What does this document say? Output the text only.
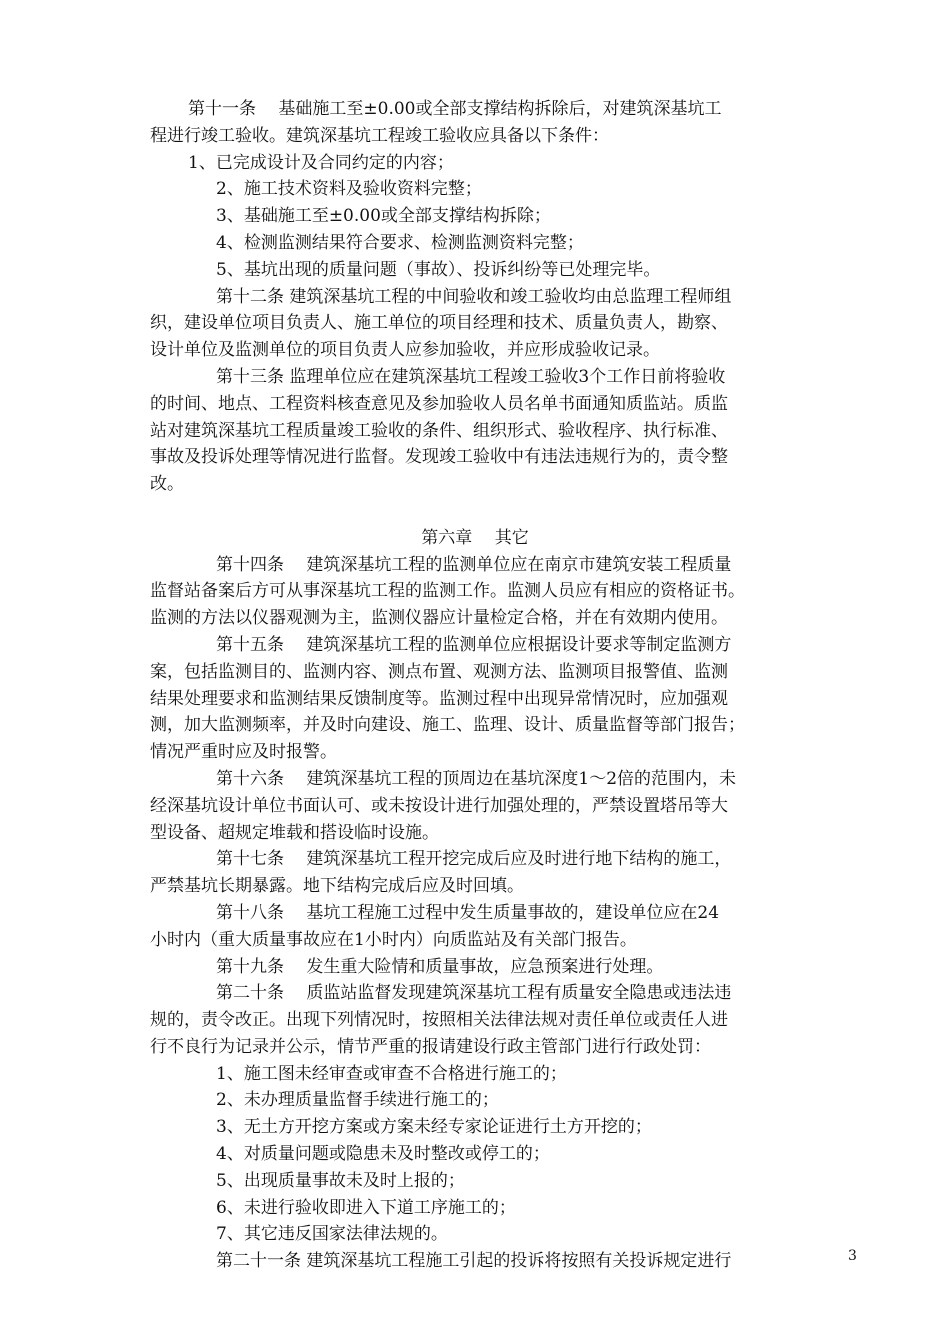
第十一条　 基础施工至±0.00或全部支撑结构拆除后，对建筑深基坑工
程进行竣工验收。建筑深基坑工程竣工验收应具备以下条件：
1、已完成设计及合同约定的内容；
2、施工技术资料及验收资料完整；
3、基础施工至±0.00或全部支撑结构拆除；
4、检测监测结果符合要求、检测监测资料完整；
5、基坑出现的质量问题（事故）、投诉纠纷等已处理完毕。
第十二条 建筑深基坑工程的中间验收和竣工验收均由总监理工程师组
织，建设单位项目负责人、施工单位的项目经理和技术、质量负责人，勘察、
设计单位及监测单位的项目负责人应参加验收，并应形成验收记录。
第十三条 监理单位应在建筑深基坑工程竣工验收3个工作日前将验收
的时间、地点、工程资料核查意见及参加验收人员名单书面通知质监站。质监
站对建筑深基坑工程质量竣工验收的条件、组织形式、验收程序、执行标准、
事故及投诉处理等情况进行监督。发现竣工验收中有违法违规行为的，责令整
改。
第六章　 其它
第十四条　 建筑深基坑工程的监测单位应在南京市建筑安装工程质量
监督站备案后方可从事深基坑工程的监测工作。监测人员应有相应的资格证书。
监测的方法以仪器观测为主，监测仪器应计量检定合格，并在有效期内使用。
第十五条　 建筑深基坑工程的监测单位应根据设计要求等制定监测方
案，包括监测目的、监测内容、测点布置、观测方法、监测项目报警值、监测
结果处理要求和监测结果反馈制度等。监测过程中出现异常情况时，应加强观
测，加大监测频率，并及时向建设、施工、监理、设计、质量监督等部门报告；
情况严重时应及时报警。
第十六条　 建筑深基坑工程的顶周边在基坑深度1～2倍的范围内，未
经深基坑设计单位书面认可、或未按设计进行加强处理的，严禁设置塔吊等大
型设备、超规定堆载和搭设临时设施。
第十七条　 建筑深基坑工程开挖完成后应及时进行地下结构的施工，
严禁基坑长期暴露。地下结构完成后应及时回填。
第十八条　 基坑工程施工过程中发生质量事故的，建设单位应在24
小时内（重大质量事故应在1小时内）向质监站及有关部门报告。
第十九条　 发生重大险情和质量事故，应急预案进行处理。
第二十条　 质监站监督发现建筑深基坑工程有质量安全隐患或违法违
规的，责令改正。出现下列情况时，按照相关法律法规对责任单位或责任人进
行不良行为记录并公示，情节严重的报请建设行政主管部门进行行政处罚：
1、施工图未经审查或审查不合格进行施工的；
2、未办理质量监督手续进行施工的；
3、无土方开挖方案或方案未经专家论证进行土方开挖的；
4、对质量问题或隐患未及时整改或停工的；
5、出现质量事故未及时上报的；
6、未进行验收即进入下道工序施工的；
7、其它违反国家法律法规的。
第二十一条 建筑深基坑工程施工引起的投诉将按照有关投诉规定进行	3
